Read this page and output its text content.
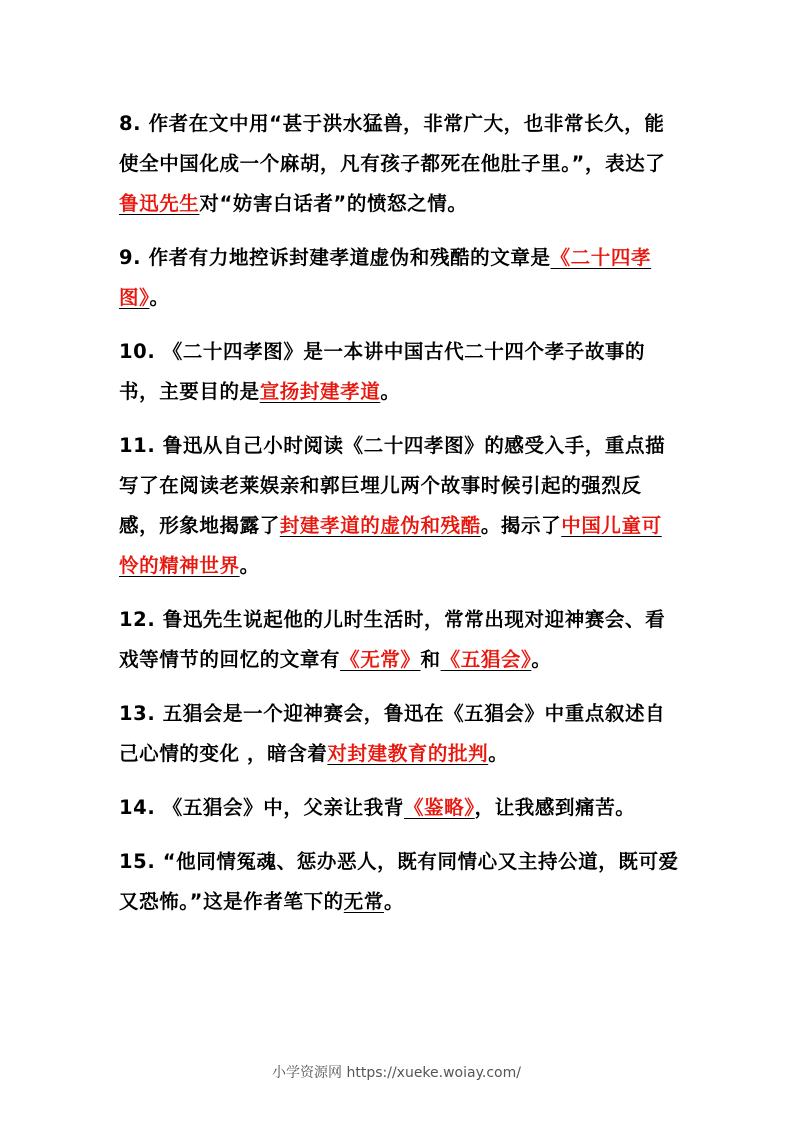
8. 作者在文中用“甚于洪水猛兽，非常广大，也非常长久，能使全中国化成一个麻胡，凡有孩子都死在他肚子里。”，表达了鲁迅先生对“妨害白话者”的愤怒之情。

9. 作者有力地控诉封建孝道虚伪和残酷的文章是《二十四孝图》。

10. 《二十四孝图》是一本讲中国古代二十四个孝子故事的书，主要目的是宣扬封建孝道。

11. 鲁迅从自己小时阅读《二十四孝图》的感受入手，重点描写了在阅读老莱娱亲和郭巨埋儿两个故事时候引起的强烈反感，形象地揭露了封建孝道的虚伪和残酷。揭示了中国儿童可怜的精神世界。

12. 鲁迅先生说起他的儿时生活时，常常出现对迎神赛会、看戏等情节的回忆的文章有《无常》和《五猖会》。

13. 五猖会是一个迎神赛会，鲁迅在《五猖会》中重点叙述自己心情的变化 ，暗含着对封建教育的批判。

14. 《五猖会》中，父亲让我背《鉴略》，让我感到痛苦。

15. “他同情冤魂、惩办恶人，既有同情心又主持公道，既可爱又恐怖。”这是作者笔下的无常。

小学资源网 https://xueke.woiay.com/
